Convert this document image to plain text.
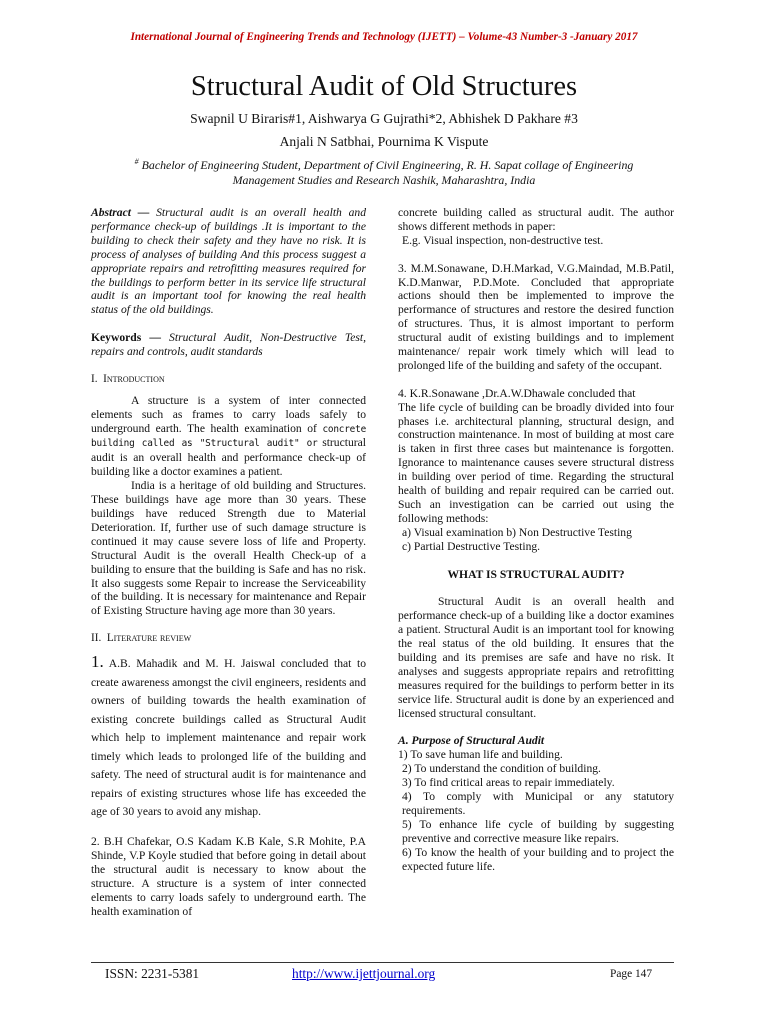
International Journal of Engineering Trends and Technology (IJETT) – Volume-43 Number-3 -January 2017
Structural Audit of Old Structures
Swapnil U Biraris#1, Aishwarya G Gujrathi*2, Abhishek D Pakhare #3
Anjali N Satbhai, Pournima K Vispute
# Bachelor of Engineering Student, Department of Civil Engineering, R. H. Sapat collage of Engineering Management Studies and Research Nashik, Maharashtra, India

Abstract — Structural audit is an overall health and performance check-up of buildings .It is important to the building to check their safety and they have no risk. It is process of analyses of building And this process suggest a appropriate repairs and retrofitting measures required for the buildings to perform better in its service life structural audit is an important tool for knowing the real health status of the old buildings.

Keywords — Structural Audit, Non-Destructive Test, repairs and controls, audit standards

I. Introduction

A structure is a system of inter connected elements such as frames to carry loads safely to underground earth. The health examination of concrete building called as "Structural audit" or structural audit is an overall health and performance check-up of building like a doctor examines a patient.

India is a heritage of old building and Structures. These buildings have age more than 30 years. These buildings have reduced Strength due to Material Deterioration. If, further use of such damage structure is continued it may cause severe loss of life and Property. Structural Audit is the overall Health Check-up of a building to ensure that the building is Safe and has no risk. It also suggests some Repair to increase the Serviceability of the building. It is necessary for maintenance and Repair of Existing Structure having age more than 30 years.

II. Literature review

1. A.B. Mahadik and M. H. Jaiswal concluded that to create awareness amongst the civil engineers, residents and owners of building towards the health examination of existing concrete buildings called as Structural Audit which help to implement maintenance and repair work timely which leads to prolonged life of the building and safety. The need of structural audit is for maintenance and repairs of existing structures whose life has exceeded the age of 30 years to avoid any mishap.

2. B.H Chafekar, O.S Kadam K.B Kale, S.R Mohite, P.A Shinde, V.P Koyle studied that before going in detail about the structural audit is necessary to know about the structure. A structure is a system of inter connected elements to carry loads safely to underground earth. The health examination of

concrete building called as structural audit. The author shows different methods in paper:

E.g. Visual inspection, non-destructive test.

3. M.M.Sonawane, D.H.Markad, V.G.Maindad, M.B.Patil, K.D.Manwar, P.D.Mote. Concluded that appropriate actions should then be implemented to improve the performance of structures and restore the desired function of structures. Thus, it is almost important to perform structural audit of existing buildings and to implement maintenance/ repair work timely which will lead to prolonged life of the building and safety of the occupant.

4. K.R.Sonawane ,Dr.A.W.Dhawale concluded that

The life cycle of building can be broadly divided into four phases i.e. architectural planning, structural design, and construction maintenance. In most of building at most care is taken in first three cases but maintenance is forgotten. Ignorance to maintenance causes severe structural distress in building over period of time. Regarding the structural health of building and repair required can be carried out. Such an investigation can be carried out using the following methods:

a) Visual examination b) Non Destructive Testing

c) Partial Destructive Testing.

WHAT IS STRUCTURAL AUDIT?

Structural Audit is an overall health and performance check-up of a building like a doctor examines a patient. Structural Audit is an important tool for knowing the real status of the old building. It ensures that the building and its premises are safe and have no risk. It analyses and suggests appropriate repairs and retrofitting measures required for the buildings to perform better in its service life. Structural audit is done by an experienced and licensed structural consultant.

A. Purpose of Structural Audit

1) To save human life and building.

2) To understand the condition of building.

3) To find critical areas to repair immediately.

4) To comply with Municipal or any statutory requirements.

5) To enhance life cycle of building by suggesting preventive and corrective measure like repairs.

6) To know the health of your building and to project the expected future life.

ISSN: 2231-5381	http://www.ijettjournal.org	Page 147
